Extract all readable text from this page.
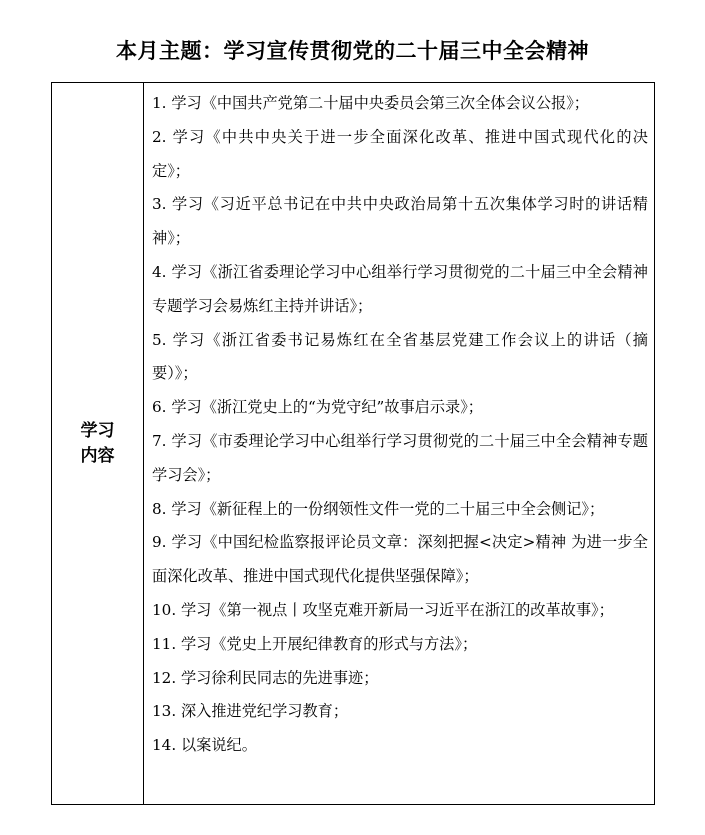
本月主题：学习宣传贯彻党的二十届三中全会精神
学习
内容

1. 学习《中国共产党第二十届中央委员会第三次全体会议公报》；

2. 学习《中共中央关于进一步全面深化改革、推进中国式现代化的决定》；

3. 学习《习近平总书记在中共中央政治局第十五次集体学习时的讲话精神》；

4. 学习《浙江省委理论学习中心组举行学习贯彻党的二十届三中全会精神专题学习会易炼红主持并讲话》；

5. 学习《浙江省委书记易炼红在全省基层党建工作会议上的讲话（摘要）》；

6. 学习《浙江党史上的“为党守纪”故事启示录》；

7. 学习《市委理论学习中心组举行学习贯彻党的二十届三中全会精神专题学习会》；

8. 学习《新征程上的一份纲领性文件一党的二十届三中全会侧记》；

9. 学习《中国纪检监察报评论员文章：深刻把握<决定>精神 为进一步全面深化改革、推进中国式现代化提供坚强保障》；

10. 学习《第一视点丨攻坚克难开新局一习近平在浙江的改革故事》；

11. 学习《党史上开展纪律教育的形式与方法》；

12. 学习徐利民同志的先进事迹；

13. 深入推进党纪学习教育；

14. 以案说纪。
